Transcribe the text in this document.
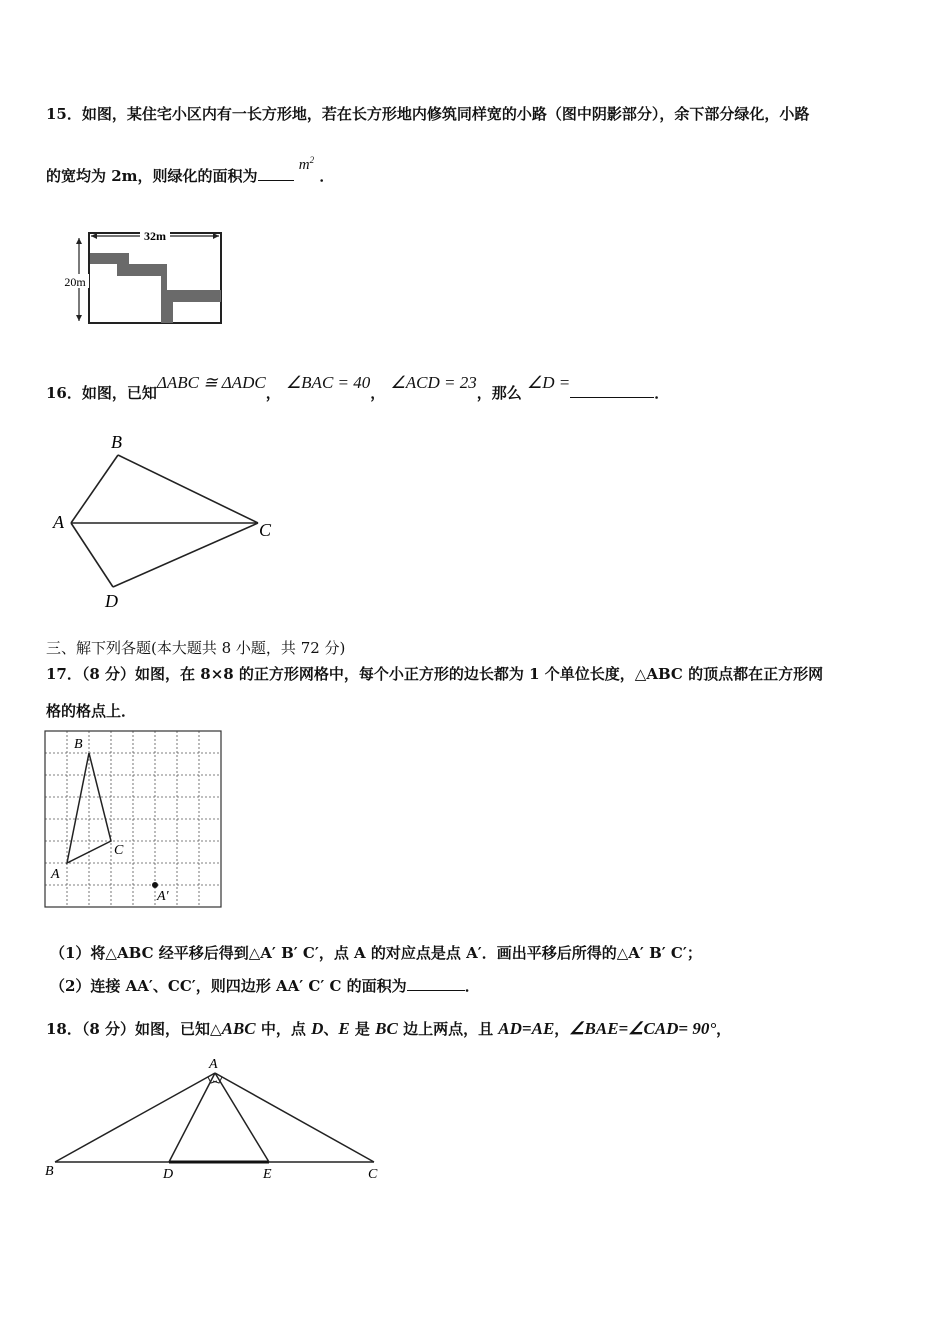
15．如图，某住宅小区内有一长方形地，若在长方形地内修筑同样宽的小路（图中阴影部分），余下部分绿化，小路
的宽均为 2m，则绿化的面积为 $m^2$ ．
32m
20m
16．如图，已知ΔABC ≅ ΔADC， ∠BAC = 40， ∠ACD = 23，那么 ∠D =．
A
B
C
D
三、解下列各题(本大题共 8 小题，共 72 分)
17．（8 分）如图，在 8×8 的正方形网格中，每个小正方形的边长都为 1 个单位长度，△ABC 的顶点都在正方形网
格的格点上．
A
B
C
A′
（1）将△ABC 经平移后得到△A′ B′ C′，点 A 的对应点是点 A′．画出平移后所得的△A′ B′ C′；
（2）连接 AA′、CC′，则四边形 AA′ C′ C 的面积为	．
18．（8 分）如图，已知△ABC 中，点 D、E 是 BC 边上两点，且 AD=AE，∠BAE=∠CAD= 90°，
A
B	D	E	C
